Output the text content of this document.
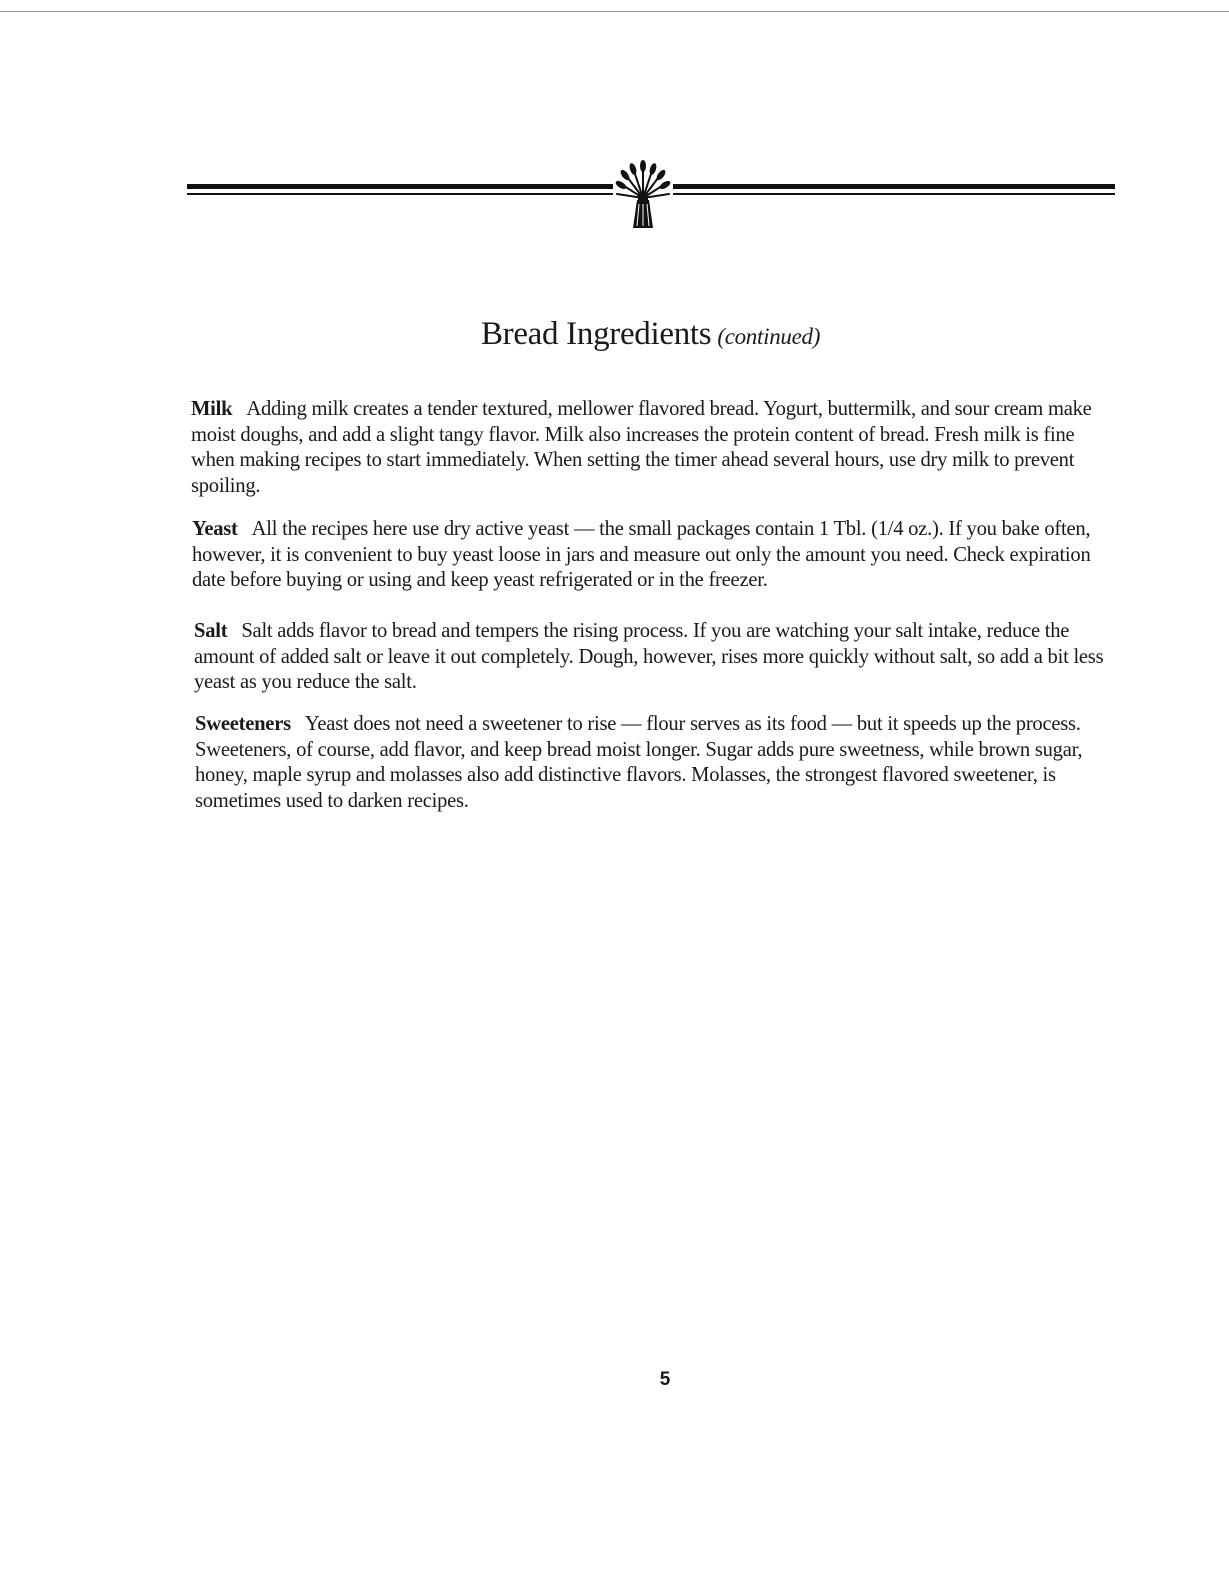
Bread Ingredients (continued)
Milk Adding milk creates a tender textured, mellower flavored bread. Yogurt, buttermilk, and sour cream make moist doughs, and add a slight tangy flavor. Milk also increases the protein content of bread. Fresh milk is fine when making recipes to start immediately. When setting the timer ahead several hours, use dry milk to prevent spoiling.
Yeast All the recipes here use dry active yeast — the small packages contain 1 Tbl. (1/4 oz.). If you bake often, however, it is convenient to buy yeast loose in jars and measure out only the amount you need. Check expiration date before buying or using and keep yeast refrigerated or in the freezer.
Salt Salt adds flavor to bread and tempers the rising process. If you are watching your salt intake, reduce the amount of added salt or leave it out completely. Dough, however, rises more quickly without salt, so add a bit less yeast as you reduce the salt.
Sweeteners Yeast does not need a sweetener to rise — flour serves as its food — but it speeds up the process. Sweeteners, of course, add flavor, and keep bread moist longer. Sugar adds pure sweetness, while brown sugar, honey, maple syrup and molasses also add distinctive flavors. Molasses, the strongest flavored sweetener, is sometimes used to darken recipes.
5
